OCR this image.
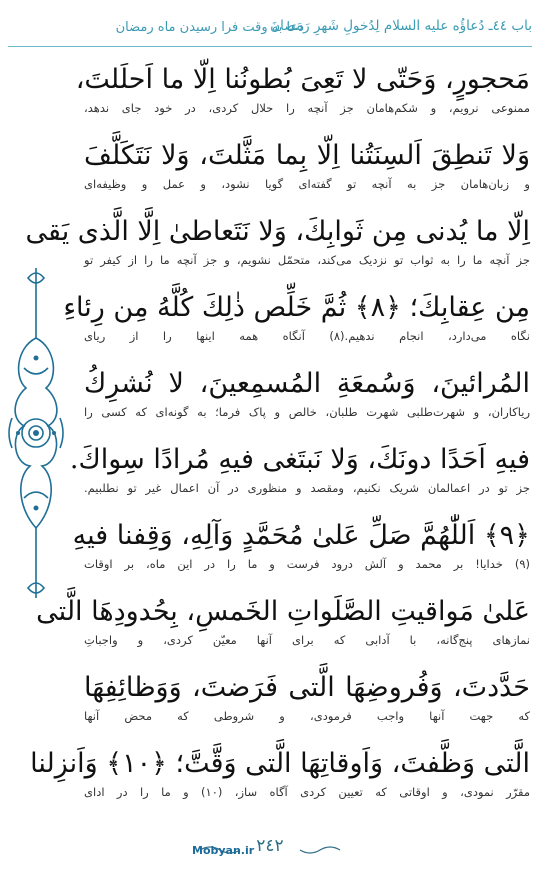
باب ٤٤ـ دُعاؤُه عليه السلام لِدُخولِ شَهرِ رَمَضانَ
دعا به وقت فرا رسیدن ماه رمضان
مَحجورٍ، وَحَتّی لا تَعِیَ بُطونُنا اِلّا ما اَحلَلتَ،
ممنوعی نرویم، و شکم‌هامان جز آنچه را حلال کردی، در خود جای ندهد،
وَلا تَنطِقَ اَلسِنَتُنا اِلّا بِما مَثَّلتَ، وَلا نَتَکَلَّفَ
و زبان‌هامان جز به آنچه تو گفته‌ای گویا نشود، و عمل و وظیفه‌ای
اِلّا ما یُدنی مِن ثَوابِكَ، وَلا نَتَعاطیٰ اِلَّا الَّذی یَقی
جز آنچه ما را به ثواب تو نزدیک می‌کند، متحمّل نشویم، و جز آنچه ما را از کیفر تو
مِن عِقابِكَ؛ ﴿٨﴾ ثُمَّ خَلِّص ذٰلِكَ كُلَّهُ مِن رِئاءِ
نگاه می‌دارد، انجام ندهیم.(٨) آنگاه همه اینها را از ریای
المُرائینَ، وَسُمعَةِ المُسمِعینَ، لا نُشرِكُ
ریاکاران، و شهرت‌طلبی شهرت طلبان، خالص و پاک فرما؛ به گونه‌ای که کسی را
فیهِ اَحَدًا دونَكَ، وَلا نَبتَغی فیهِ مُرادًا سِواكَ.
جز تو در اعمالمان شریک نکنیم، ومقصد و منظوری در آن اعمال غیر تو نطلبیم.
﴿٩﴾ اَللّٰهُمَّ صَلِّ عَلیٰ مُحَمَّدٍ وَآلِهِ، وَقِفنا فیهِ
(٩) خدایا! بر محمد و آلش درود فرست و ما را در این ماه، بر اوقات
عَلیٰ مَواقیتِ الصَّلَواتِ الخَمسِ، بِحُدودِهَا الَّتی
نمازهای پنج‌گانه، با آدابی که برای آنها معیّن کردی، و واجباتِ
حَدَّدتَ، وَفُروضِهَا الَّتی فَرَضتَ، وَوَظائِفِهَا
که جهت آنها واجب فرمودی، و شروطی که محض آنها
الَّتی وَظَّفتَ، وَاَوقاتِهَا الَّتی وَقَّتَّ؛ ﴿١٠﴾ وَاَنزِلنا
مقرّر نمودی، و اوقاتی که تعیین کردی آگاه ساز، (١٠) و ما را در ادای
٢٤٢
Mobyan.ir
